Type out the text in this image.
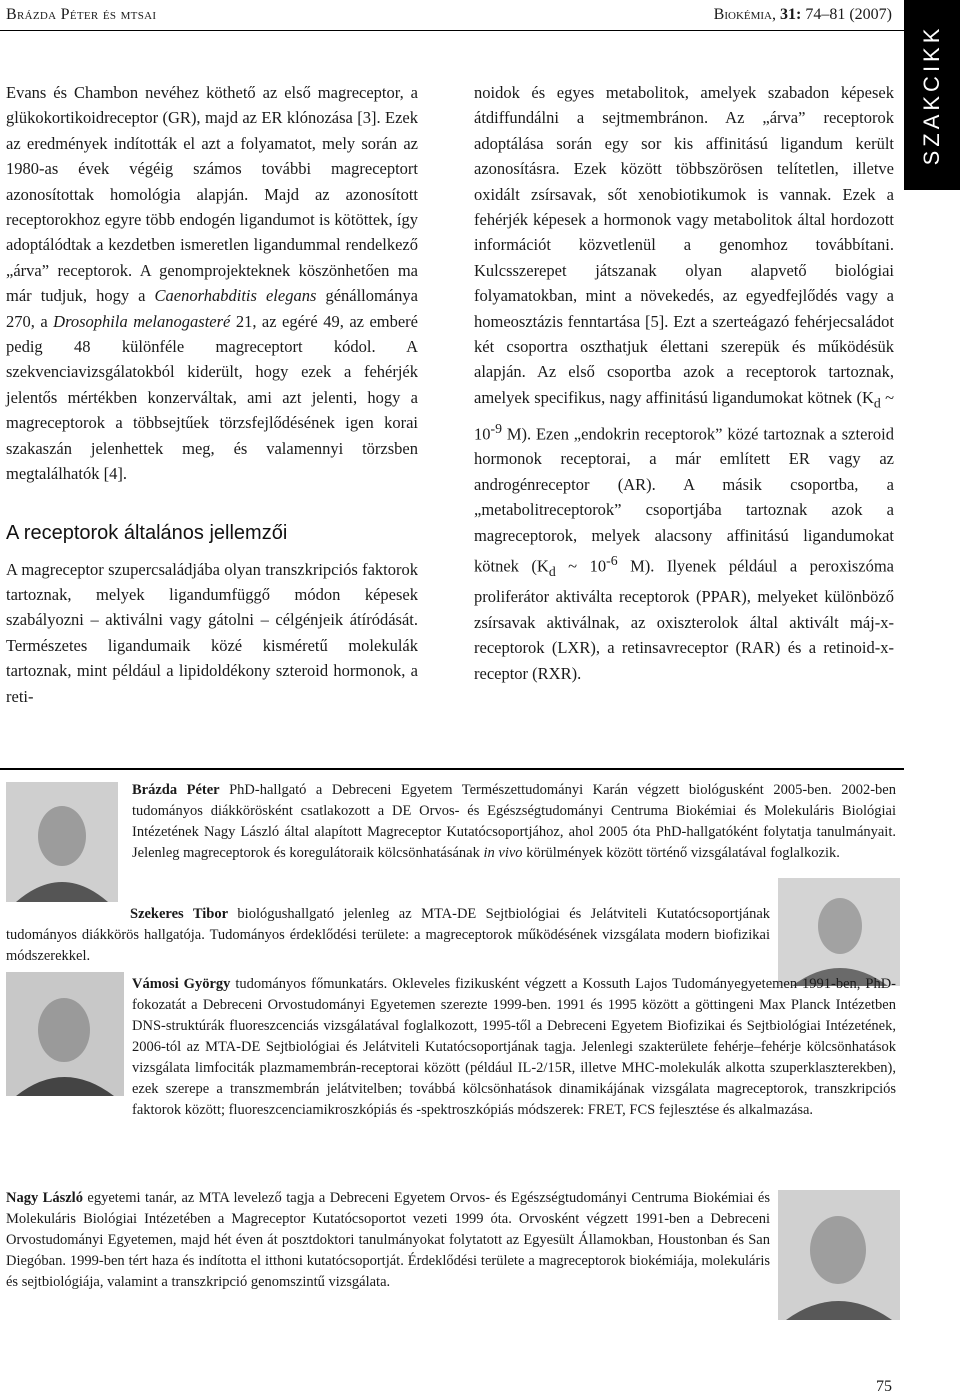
Brázda Péter és mtsai	Biokémia, 31: 74–81 (2007)
SZAKCIKK

Evans és Chambon nevéhez köthető az első magreceptor, a glükokortikoidreceptor (GR), majd az ER klónozása [3]. Ezek az eredmények indították el azt a folyamatot, mely során az 1980-as évek végéig számos további magreceptort azonosítottak homológia alapján. Majd az azonosított receptorokhoz egyre több endogén ligandumot is kötöttek, így adoptálódtak a kezdetben ismeretlen ligandummal rendelkező „árva” receptorok. A genomprojekteknek köszönhetően ma már tudjuk, hogy a Caenorhabditis elegans génállománya 270, a Drosophila melanogasteré 21, az egéré 49, az emberé pedig 48 különféle magreceptort kódol. A szekvenciavizsgálatokból kiderült, hogy ezek a fehérjék jelentős mértékben konzerváltak, ami azt jelenti, hogy a magreceptorok a többsejtűek törzsfejlődésének igen korai szakaszán jelenhettek meg, és valamennyi törzsben megtalálhatók [4].

A receptorok általános jellemzői

A magreceptor szupercsaládjába olyan transzkripciós faktorok tartoznak, melyek ligandumfüggő módon képesek szabályozni – aktiválni vagy gátolni – célgénjeik átíródását. Természetes ligandumaik közé kisméretű molekulák tartoznak, mint például a lipidoldékony szteroid hormonok, a reti-

noidok és egyes metabolitok, amelyek szabadon képesek átdiffundálni a sejtmembránon. Az „árva” receptorok adoptálása során egy sor kis affinitású ligandum került azonosításra. Ezek között többszörösen telítetlen, illetve oxidált zsírsavak, sőt xenobiotikumok is vannak. Ezek a fehérjék képesek a hormonok vagy metabolitok által hordozott információt közvetlenül a genomhoz továbbítani. Kulcsszerepet játszanak olyan alapvető biológiai folyamatokban, mint a növekedés, az egyedfejlődés vagy a homeosztázis fenntartása [5]. Ezt a szerteágazó fehérjecsaládot két csoportra oszthatjuk élettani szerepük és működésük alapján. Az első csoportba azok a receptorok tartoznak, amelyek specifikus, nagy affinitású ligandumokat kötnek ($K_d$ ~ $10^{-9}$ M). Ezen „endokrin receptorok” közé tartoznak a szteroid hormonok receptorai, a már említett ER vagy az androgénreceptor (AR). A másik csoportba, a „metabolitreceptorok” csoportjába tartoznak azok a magreceptorok, melyek alacsony affinitású ligandumokat kötnek ($K_d$ ~ $10^{-6}$ M). Ilyenek például a peroxiszóma proliferátor aktiválta receptorok (PPAR), melyeket különböző zsírsavak aktiválnak, az oxiszterolok által aktivált máj-x-receptorok (LXR), a retinsavreceptor (RAR) és a retinoid-x-receptor (RXR).

Brázda Péter PhD-hallgató a Debreceni Egyetem Természettudományi Karán végzett biológusként 2005-ben. 2002-ben tudományos diákkörösként csatlakozott a DE Orvos- és Egészségtudományi Centruma Biokémiai és Molekuláris Biológiai Intézetének Nagy László által alapított Magreceptor Kutatócsoportjához, ahol 2005 óta PhD-hallgatóként folytatja tanulmányait. Jelenleg magreceptorok és koregulátoraik kölcsönhatásának in vivo körülmények között történő vizsgálatával foglalkozik.
Szekeres Tibor biológushallgató jelenleg az MTA-DE Sejtbiológiai és Jelátviteli Kutatócsoportjának tudományos diákkörös hallgatója. Tudományos érdeklődési területe: a magreceptorok működésének vizsgálata modern biofizikai módszerekkel.
Vámosi György tudományos főmunkatárs. Okleveles fizikusként végzett a Kossuth Lajos Tudományegyetemen 1991-ben, PhD-fokozatát a Debreceni Orvostudományi Egyetemen szerezte 1999-ben. 1991 és 1995 között a göttingeni Max Planck Intézetben DNS-struktúrák fluoreszcenciás vizsgálatával foglalkozott, 1995-től a Debreceni Egyetem Biofizikai és Sejtbiológiai Intézetének, 2006-tól az MTA-DE Sejtbiológiai és Jelátviteli Kutatócsoportjának tagja. Jelenlegi szakterülete fehérje–fehérje kölcsönhatások vizsgálata limfociták plazmamembrán-receptorai között (például IL-2/15R, illetve MHC-molekulák alkotta szuperklaszterekben), ezek szerepe a transzmembrán jelátvitelben; továbbá kölcsönhatások dinamikájának vizsgálata magreceptorok, transzkripciós faktorok között; fluoreszcenciamikroszkópiás és -spektroszkópiás módszerek: FRET, FCS fejlesztése és alkalmazása.
Nagy László egyetemi tanár, az MTA levelező tagja a Debreceni Egyetem Orvos- és Egészségtudományi Centruma Biokémiai és Molekuláris Biológiai Intézetében a Magreceptor Kutatócsoportot vezeti 1999 óta. Orvosként végzett 1991-ben a Debreceni Orvostudományi Egyetemen, majd hét éven át posztdoktori tanulmányokat folytatott az Egyesült Államokban, Houstonban és San Diegóban. 1999-ben tért haza és indította el itthoni kutatócsoportját. Érdeklődési területe a magreceptorok biokémiája, molekuláris és sejtbiológiája, valamint a transzkripció genomszintű vizsgálata.
75
